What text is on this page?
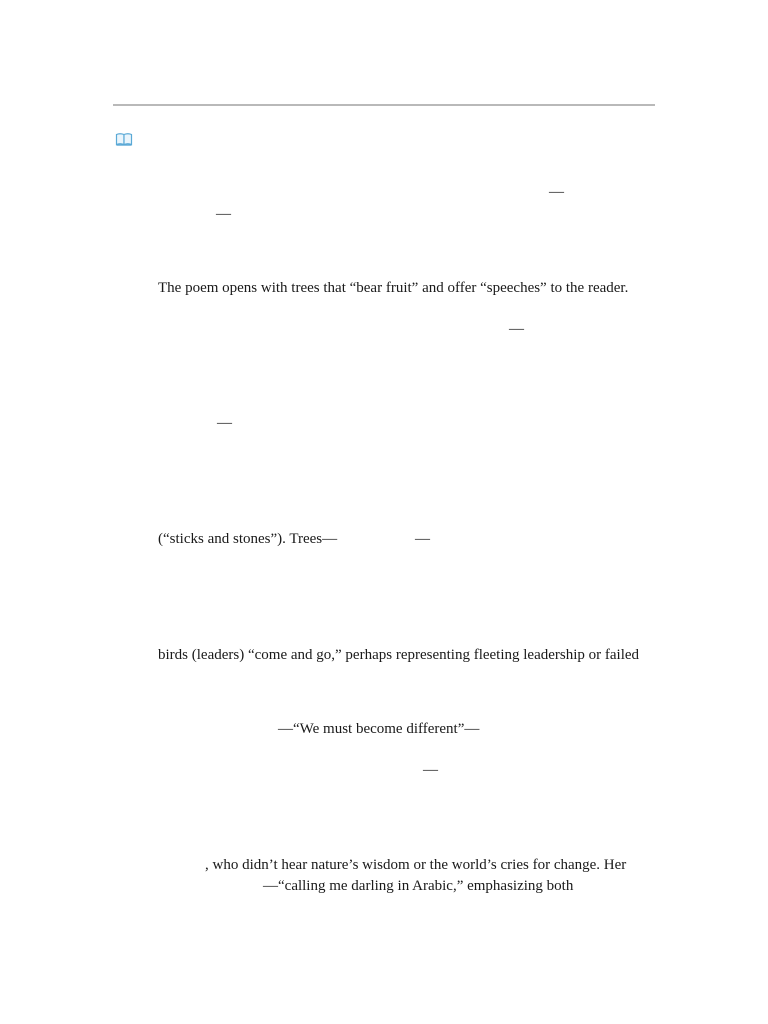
—
—
The poem opens with trees that “bear fruit” and offer “speeches” to the reader.
—
—
(“sticks and stones”). Trees—	—
birds (leaders) “come and go,” perhaps representing fleeting leadership or failed
—“We must become different”—
—
, who didn’t hear nature’s wisdom or the world’s cries for change. Her
—“calling me darling in Arabic,” emphasizing both
